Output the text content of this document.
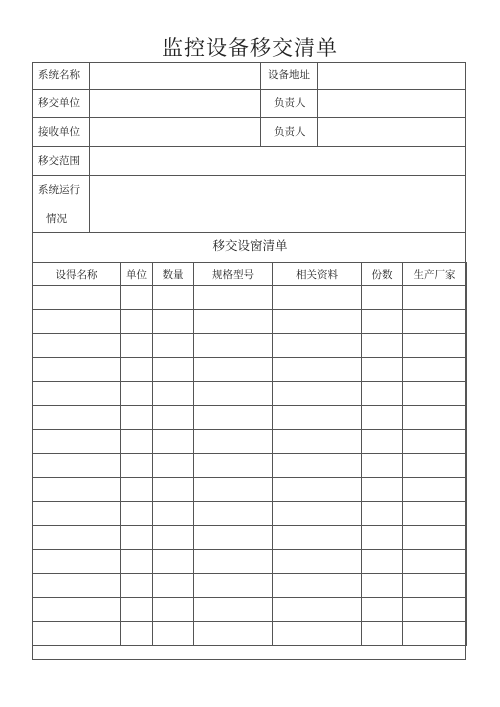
监控设备移交清单
系统名称	设备地址
移交单位	负责人
接收单位	负责人
移交范围
系统运行
情况
移交设窗清单
设得名称	单位	数量	规格型号	相关资料	份数	生产厂家
